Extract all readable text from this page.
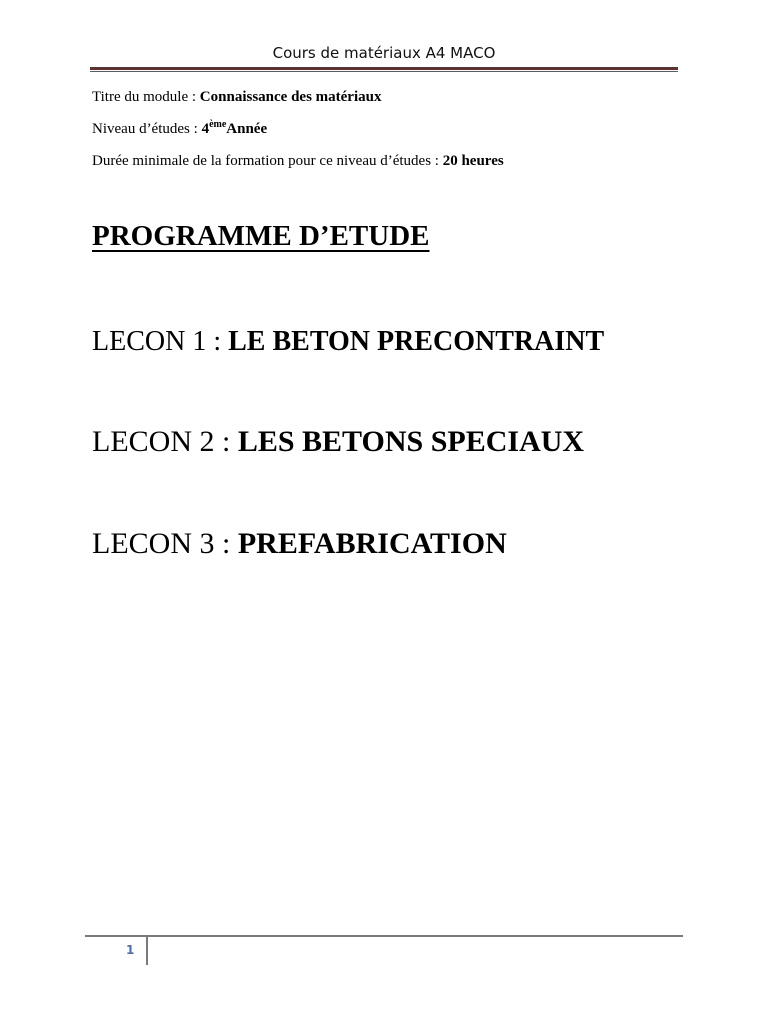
Cours de matériaux A4 MACO
Titre du module : Connaissance des matériaux
Niveau d’études : 4èmeAnnée
Durée minimale de la formation pour ce niveau d’études : 20 heures
PROGRAMME D’ETUDE
LECON 1 : LE BETON PRECONTRAINT
LECON 2 : LES BETONS SPECIAUX
LECON 3 : PREFABRICATION
1
